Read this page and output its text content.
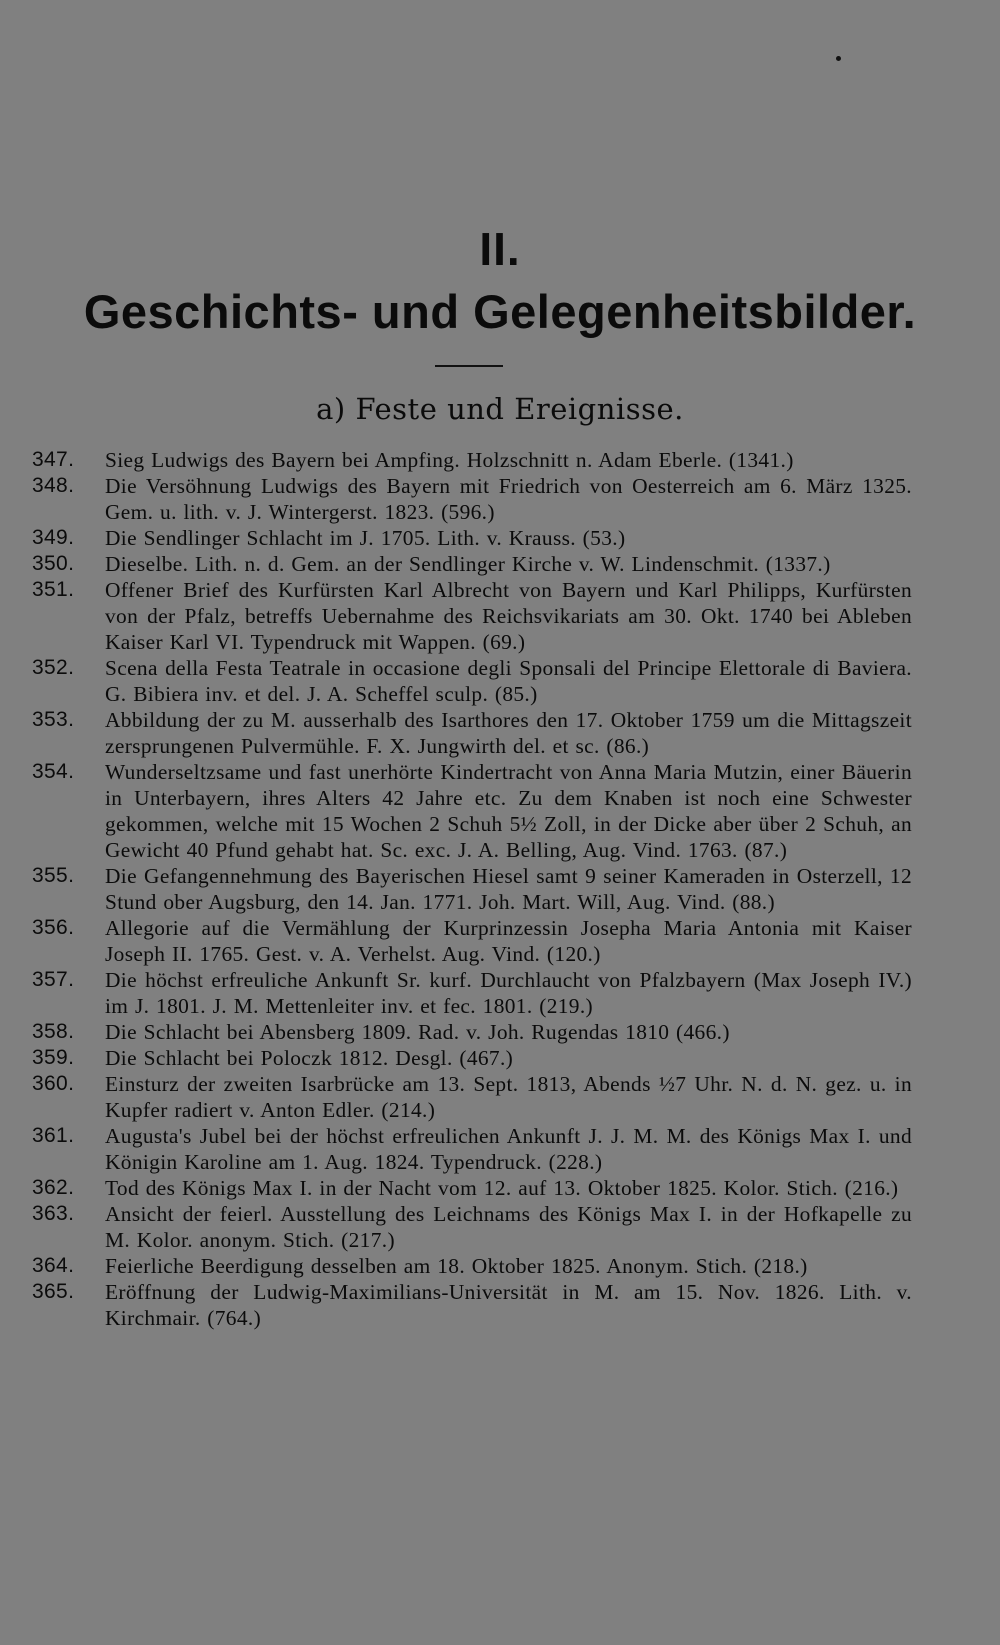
II.
Geschichts- und Gelegenheitsbilder.
a) Feste und Ereignisse.
347.	Sieg Ludwigs des Bayern bei Ampfing. Holzschnitt n. Adam Eberle. (1341.)
348.	Die Versöhnung Ludwigs des Bayern mit Friedrich von Oesterreich am 6. März 1325. Gem. u. lith. v. J. Wintergerst. 1823. (596.)
349.	Die Sendlinger Schlacht im J. 1705. Lith. v. Krauss. (53.)
350.	Dieselbe. Lith. n. d. Gem. an der Sendlinger Kirche v. W. Lindenschmit. (1337.)
351.	Offener Brief des Kurfürsten Karl Albrecht von Bayern und Karl Philipps, Kurfürsten von der Pfalz, betreffs Uebernahme des Reichsvikariats am 30. Okt. 1740 bei Ableben Kaiser Karl VI. Typendruck mit Wappen. (69.)
352.	Scena della Festa Teatrale in occasione degli Sponsali del Principe Elettorale di Baviera. G. Bibiera inv. et del. J. A. Scheffel sculp. (85.)
353.	Abbildung der zu M. ausserhalb des Isarthores den 17. Oktober 1759 um die Mittagszeit zersprungenen Pulvermühle. F. X. Jungwirth del. et sc. (86.)
354.	Wunderseltzsame und fast unerhörte Kindertracht von Anna Maria Mutzin, einer Bäuerin in Unterbayern, ihres Alters 42 Jahre etc. Zu dem Knaben ist noch eine Schwester gekommen, welche mit 15 Wochen 2 Schuh 5½ Zoll, in der Dicke aber über 2 Schuh, an Gewicht 40 Pfund gehabt hat. Sc. exc. J. A. Belling, Aug. Vind. 1763. (87.)
355.	Die Gefangennehmung des Bayerischen Hiesel samt 9 seiner Kameraden in Osterzell, 12 Stund ober Augsburg, den 14. Jan. 1771. Joh. Mart. Will, Aug. Vind. (88.)
356.	Allegorie auf die Vermählung der Kurprinzessin Josepha Maria Antonia mit Kaiser Joseph II. 1765. Gest. v. A. Verhelst. Aug. Vind. (120.)
357.	Die höchst erfreuliche Ankunft Sr. kurf. Durchlaucht von Pfalzbayern (Max Joseph IV.) im J. 1801. J. M. Mettenleiter inv. et fec. 1801. (219.)
358.	Die Schlacht bei Abensberg 1809. Rad. v. Joh. Rugendas 1810 (466.)
359.	Die Schlacht bei Poloczk 1812. Desgl. (467.)
360.	Einsturz der zweiten Isarbrücke am 13. Sept. 1813, Abends ½7 Uhr. N. d. N. gez. u. in Kupfer radiert v. Anton Edler. (214.)
361.	Augusta's Jubel bei der höchst erfreulichen Ankunft J. J. M. M. des Königs Max I. und Königin Karoline am 1. Aug. 1824. Typendruck. (228.)
362.	Tod des Königs Max I. in der Nacht vom 12. auf 13. Oktober 1825. Kolor. Stich. (216.)
363.	Ansicht der feierl. Ausstellung des Leichnams des Königs Max I. in der Hofkapelle zu M. Kolor. anonym. Stich. (217.)
364.	Feierliche Beerdigung desselben am 18. Oktober 1825. Anonym. Stich. (218.)
365.	Eröffnung der Ludwig-Maximilians-Universität in M. am 15. Nov. 1826. Lith. v. Kirchmair. (764.)
